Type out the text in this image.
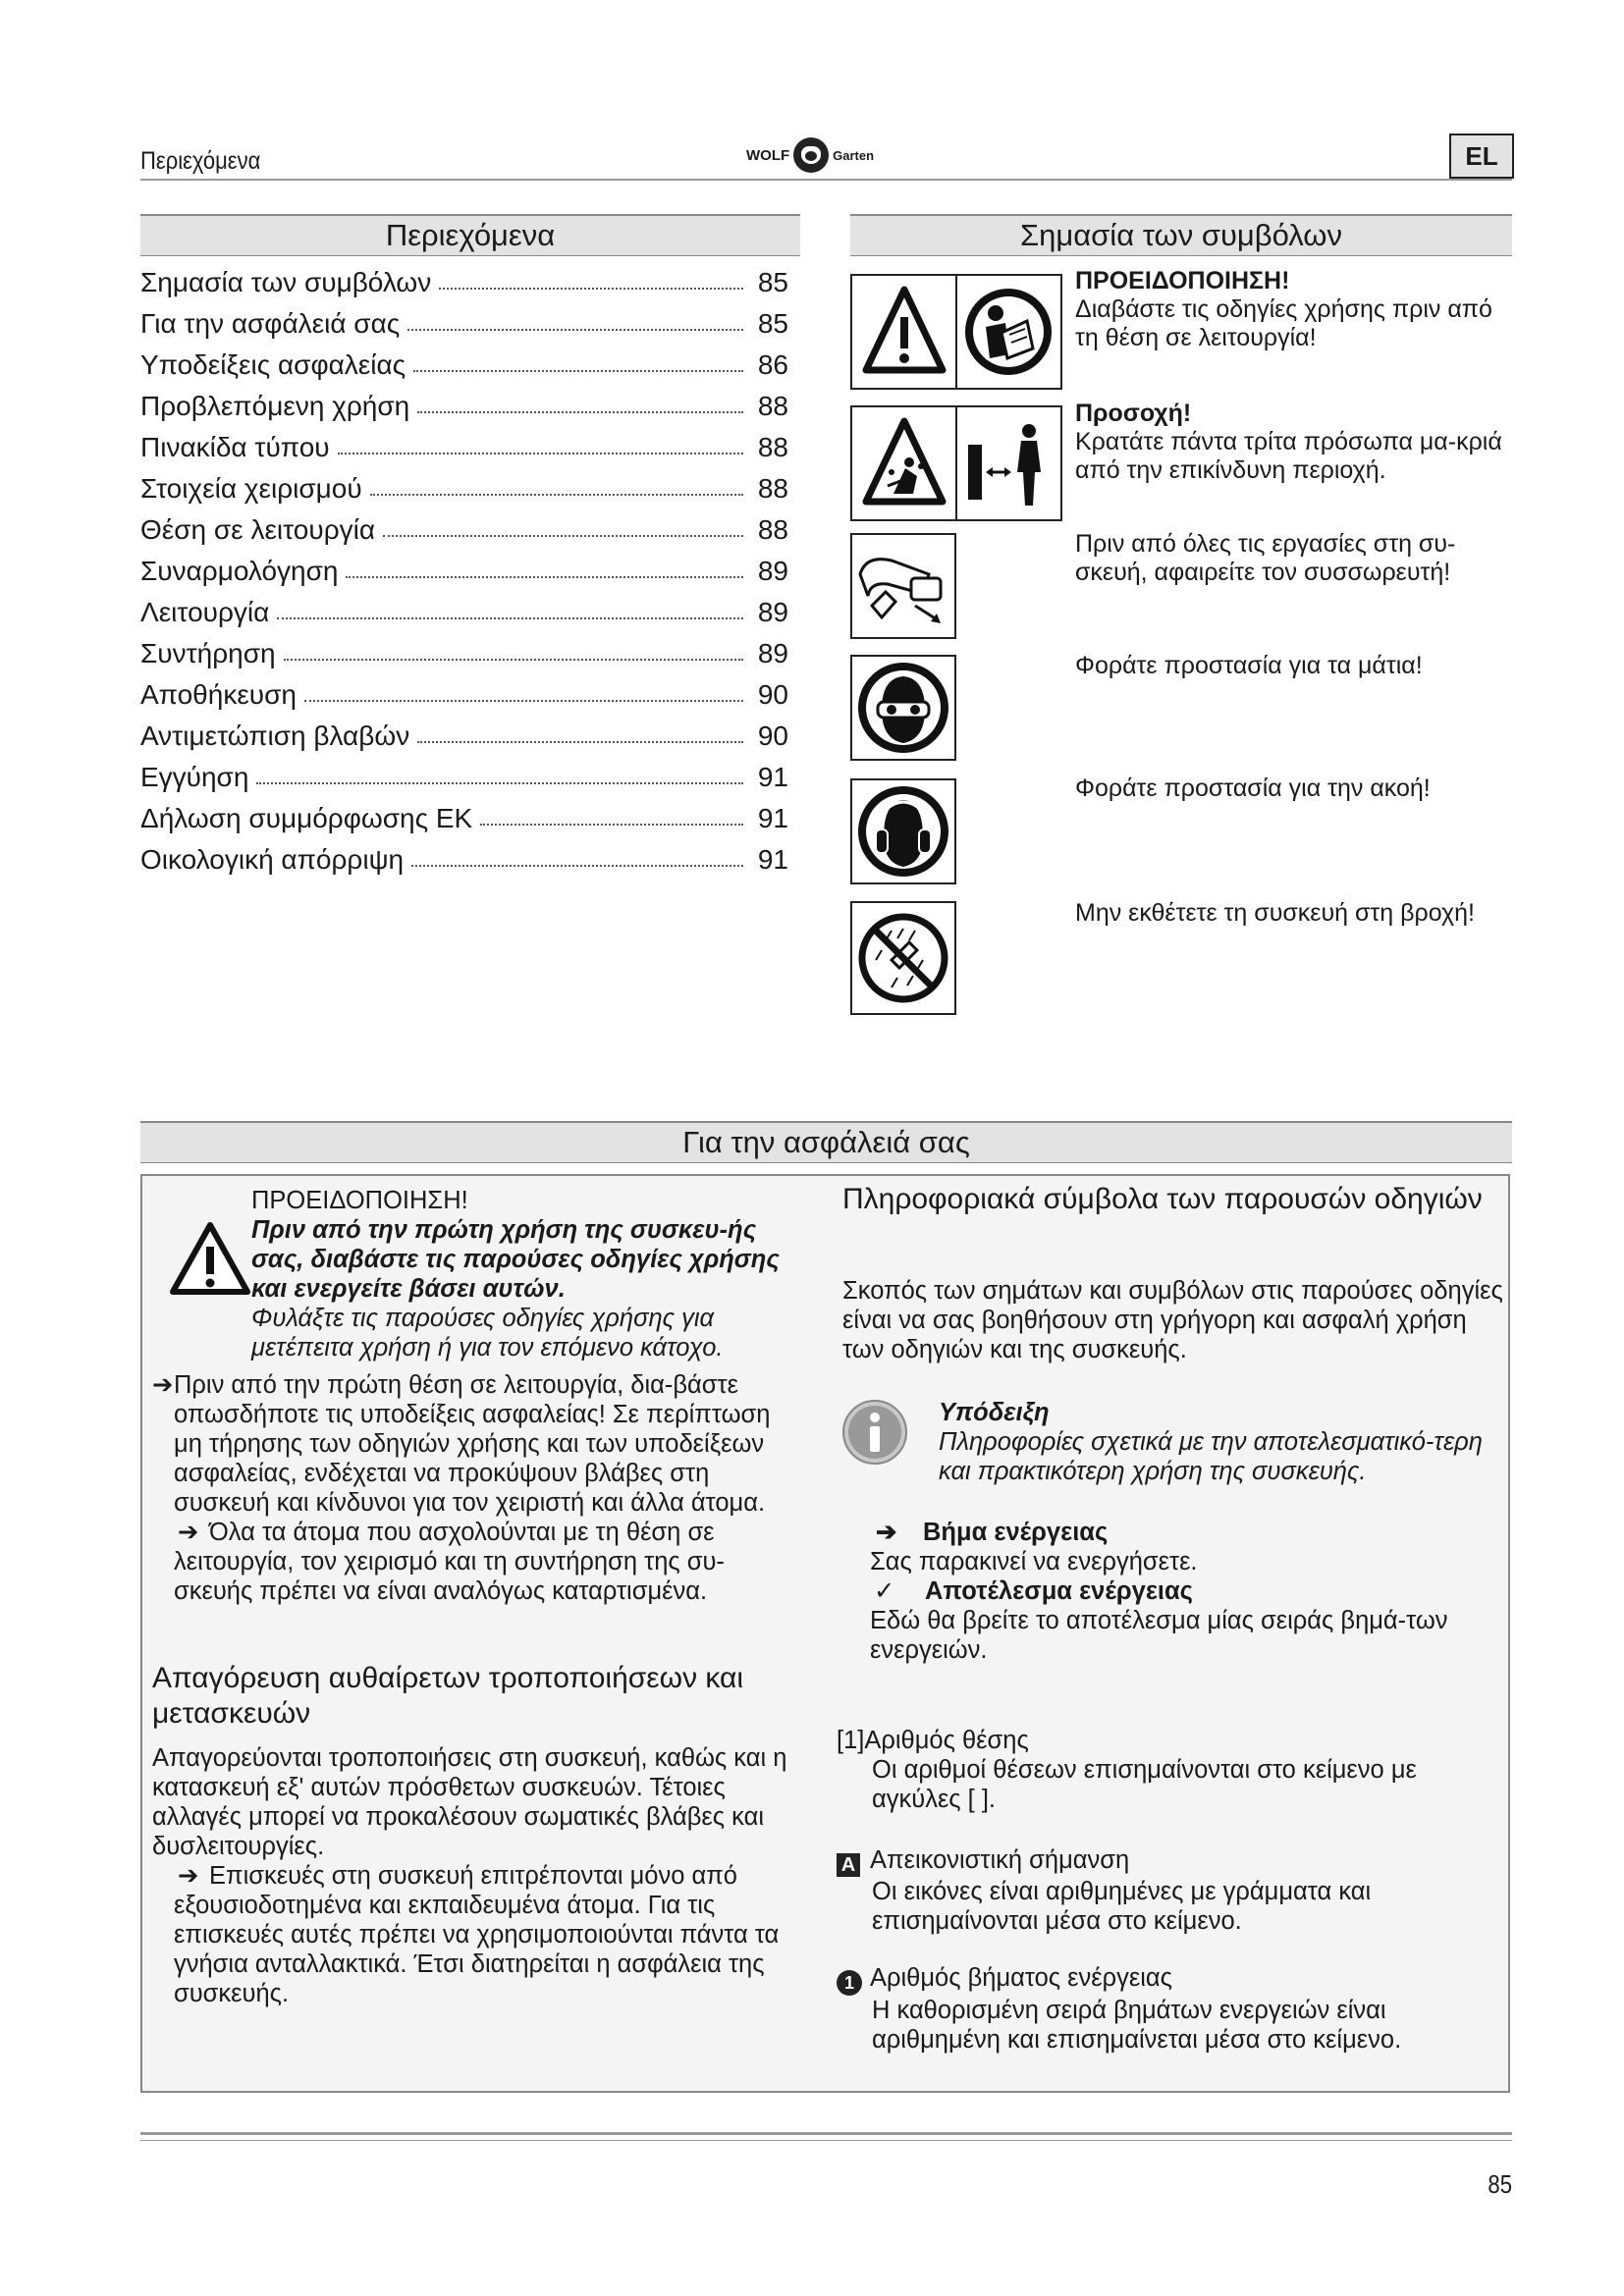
Περιεχόμενα	WOLF	Garten	EL
Περιεχόμενα
Σημασία των συμβόλων	85
Για την ασφάλειά σας	85
Υποδείξεις ασφαλείας	86
Προβλεπόμενη χρήση	88
Πινακίδα τύπου	88
Στοιχεία χειρισμού	88
Θέση σε λειτουργία	88
Συναρμολόγηση	89
Λειτουργία	89
Συντήρηση	89
Αποθήκευση	90
Αντιμετώπιση βλαβών	90
Εγγύηση	91
Δήλωση συμμόρφωσης ΕΚ	91
Οικολογική απόρριψη	91
Σημασία των συμβόλων
ΠΡΟΕΙΔΟΠΟΙΗΣΗ!
Διαβάστε τις οδηγίες χρήσης πριν από τη θέση σε λειτουργία!
Προσοχή!
Κρατάτε πάντα τρίτα πρόσωπα μα-κριά από την επικίνδυνη περιοχή.
Πριν από όλες τις εργασίες στη συ-σκευή, αφαιρείτε τον συσσωρευτή!
Φοράτε προστασία για τα μάτια!
Φοράτε προστασία για την ακοή!
Μην εκθέτετε τη συσκευή στη βροχή!
Για την ασφάλειά σας
ΠΡΟΕΙΔΟΠΟΙΗΣΗ!
Πριν από την πρώτη χρήση της συσκευ-ής σας, διαβάστε τις παρούσες οδηγίες χρήσης και ενεργείτε βάσει αυτών.
Φυλάξτε τις παρούσες οδηγίες χρήσης για μετέπειτα χρήση ή για τον επόμενο κάτοχο.
➔ Πριν από την πρώτη θέση σε λειτουργία, δια-βάστε οπωσδήποτε τις υποδείξεις ασφαλείας! Σε περίπτωση μη τήρησης των οδηγιών χρήσης και των υποδείξεων ασφαλείας, ενδέχεται να προκύψουν βλάβες στη συσκευή και κίνδυνοι για τον χειριστή και άλλα άτομα.
➔ Όλα τα άτομα που ασχολούνται με τη θέση σε λειτουργία, τον χειρισμό και τη συντήρηση της συ-σκευής πρέπει να είναι αναλόγως καταρτισμένα.
Απαγόρευση αυθαίρετων τροποποιήσεων και μετασκευών
Απαγορεύονται τροποποιήσεις στη συσκευή, καθώς και η κατασκευή εξ' αυτών πρόσθετων συσκευών. Τέτοιες αλλαγές μπορεί να προκαλέσουν σωματικές βλάβες και δυσλειτουργίες.
➔ Επισκευές στη συσκευή επιτρέπονται μόνο από εξουσιοδοτημένα και εκπαιδευμένα άτομα. Για τις επισκευές αυτές πρέπει να χρησιμοποιούνται πάντα τα γνήσια ανταλλακτικά. Έτσι διατηρείται η ασφάλεια της συσκευής.
Πληροφοριακά σύμβολα των παρουσών οδηγιών
Σκοπός των σημάτων και συμβόλων στις παρούσες οδηγίες είναι να σας βοηθήσουν στη γρήγορη και ασφαλή χρήση των οδηγιών και της συσκευής.
Υπόδειξη
Πληροφορίες σχετικά με την αποτελεσματικό-τερη και πρακτικότερη χρήση της συσκευής.
➔ Βήμα ενέργειας
Σας παρακινεί να ενεργήσετε.
✓ Αποτέλεσμα ενέργειας
Εδώ θα βρείτε το αποτέλεσμα μίας σειράς βημά-των ενεργειών.
[1]Αριθμός θέσης
Οι αριθμοί θέσεων επισημαίνονται στο κείμενο με αγκύλες [ ].
A Απεικονιστική σήμανση
Οι εικόνες είναι αριθμημένες με γράμματα και επισημαίνονται μέσα στο κείμενο.
1 Αριθμός βήματος ενέργειας
Η καθορισμένη σειρά βημάτων ενεργειών είναι αριθμημένη και επισημαίνεται μέσα στο κείμενο.
85
